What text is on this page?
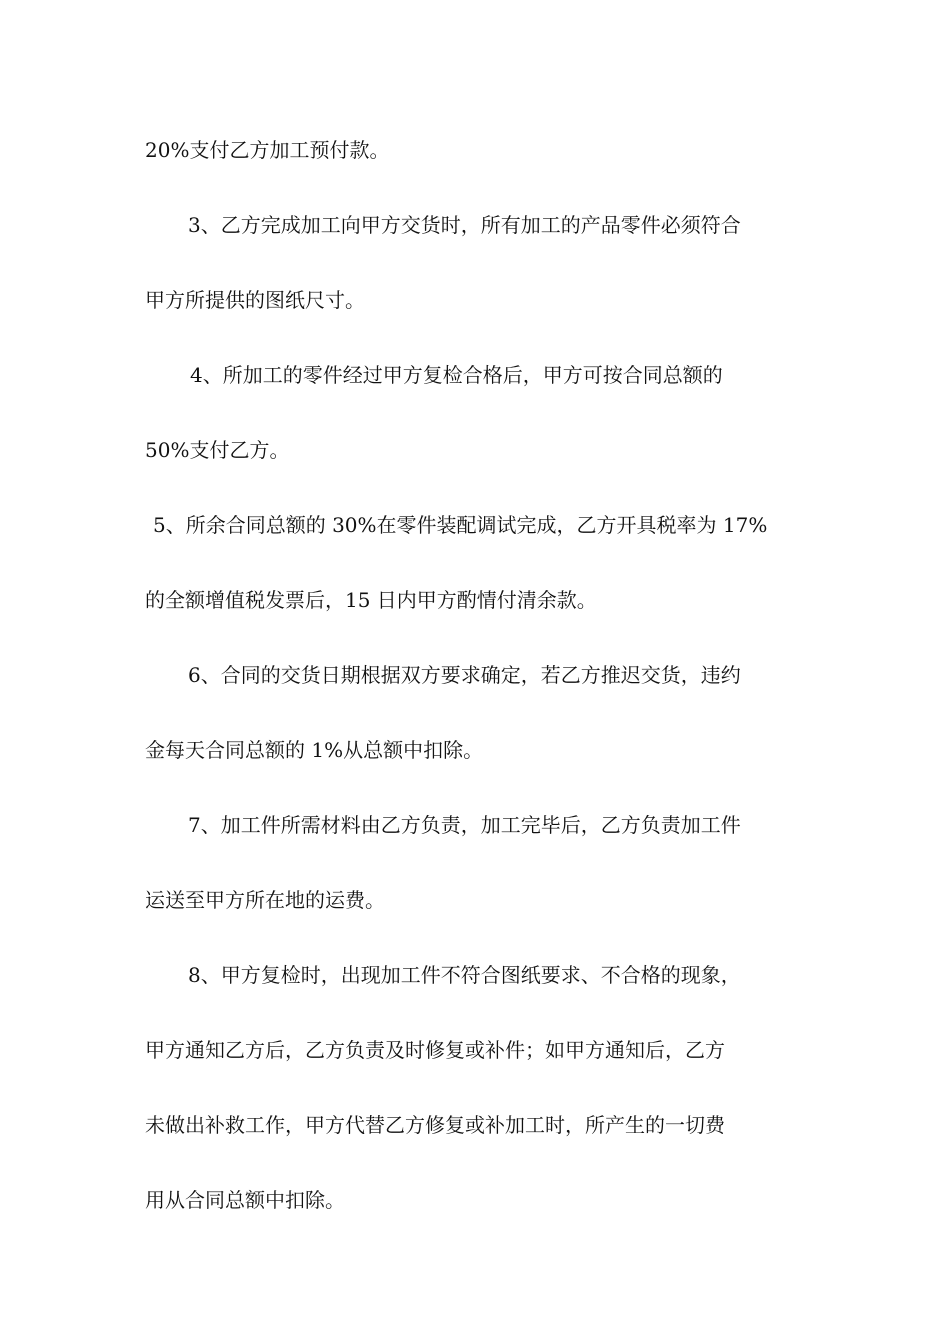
20%支付乙方加工预付款。
3、乙方完成加工向甲方交货时，所有加工的产品零件必须符合
甲方所提供的图纸尺寸。
4、所加工的零件经过甲方复检合格后，甲方可按合同总额的
50%支付乙方。
5、所余合同总额的 30%在零件装配调试完成，乙方开具税率为 17%
的全额增值税发票后，15 日内甲方酌情付清余款。
6、合同的交货日期根据双方要求确定，若乙方推迟交货，违约
金每天合同总额的 1%从总额中扣除。
7、加工件所需材料由乙方负责，加工完毕后，乙方负责加工件
运送至甲方所在地的运费。
8、甲方复检时，出现加工件不符合图纸要求、不合格的现象，
甲方通知乙方后，乙方负责及时修复或补件；如甲方通知后，乙方
未做出补救工作，甲方代替乙方修复或补加工时，所产生的一切费
用从合同总额中扣除。
